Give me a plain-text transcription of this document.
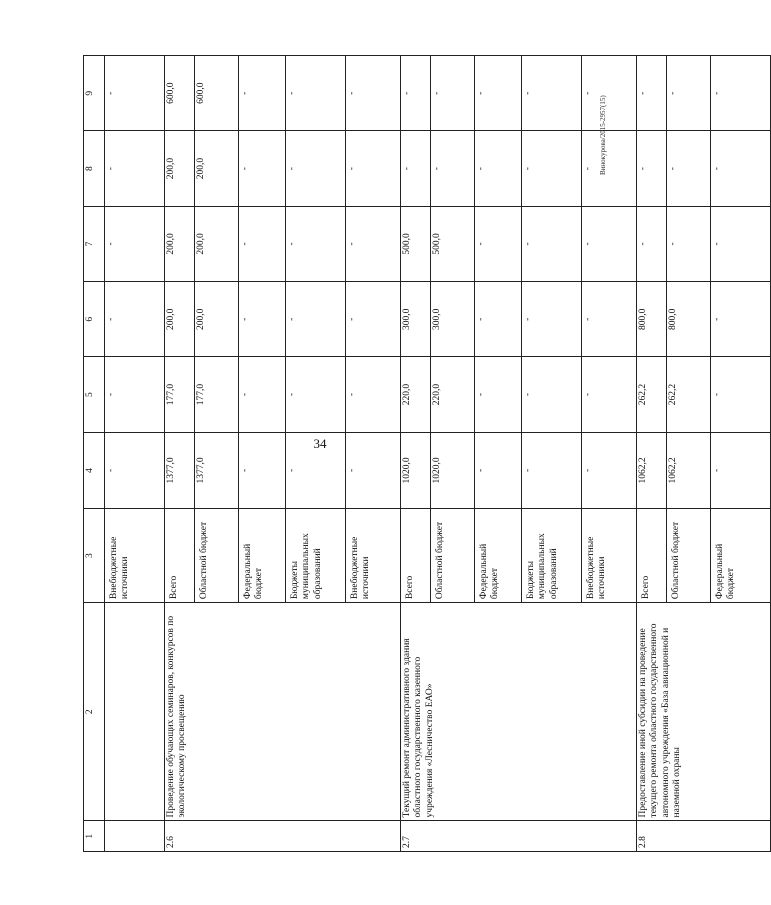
34
Винокурова/2015-2957(15)
1	2	3	4	5	6	7	8	9
		Внебюджетные источники	-	-	-	-	-	-
2.6	Проведение обучающих семинаров, конкурсов по экологическому просвещению	Всего	1377,0	177,0	200,0	200,0	200,0	600,0
		Областной бюджет	1377,0	177,0	200,0	200,0	200,0	600,0
		Федеральный бюджет	-	-	-	-	-	-
		Бюджеты муниципальных образований	-	-	-	-	-	-
		Внебюджетные источники	-	-	-	-	-	-
2.7	Текущий ремонт административного здания областного государственного казенного учреждения «Лесничество ЕАО»	Всего	1020,0	220,0	300,0	500,0	-	-
		Областной бюджет	1020,0	220,0	300,0	500,0	-	-
		Федеральный бюджет	-	-	-	-	-	-
		Бюджеты муниципальных образований	-	-	-	-	-	-
		Внебюджетные источники	-	-	-	-	-	-
2.8	Предоставление иной субсидии на проведение текущего ремонта областного государственного автономного учреждения «База авиационной и наземной охраны	Всего	1062,2	262,2	800,0	-	-	-
		Областной бюджет	1062,2	262,2	800,0	-	-	-
		Федеральный бюджет	-	-	-	-	-	-
